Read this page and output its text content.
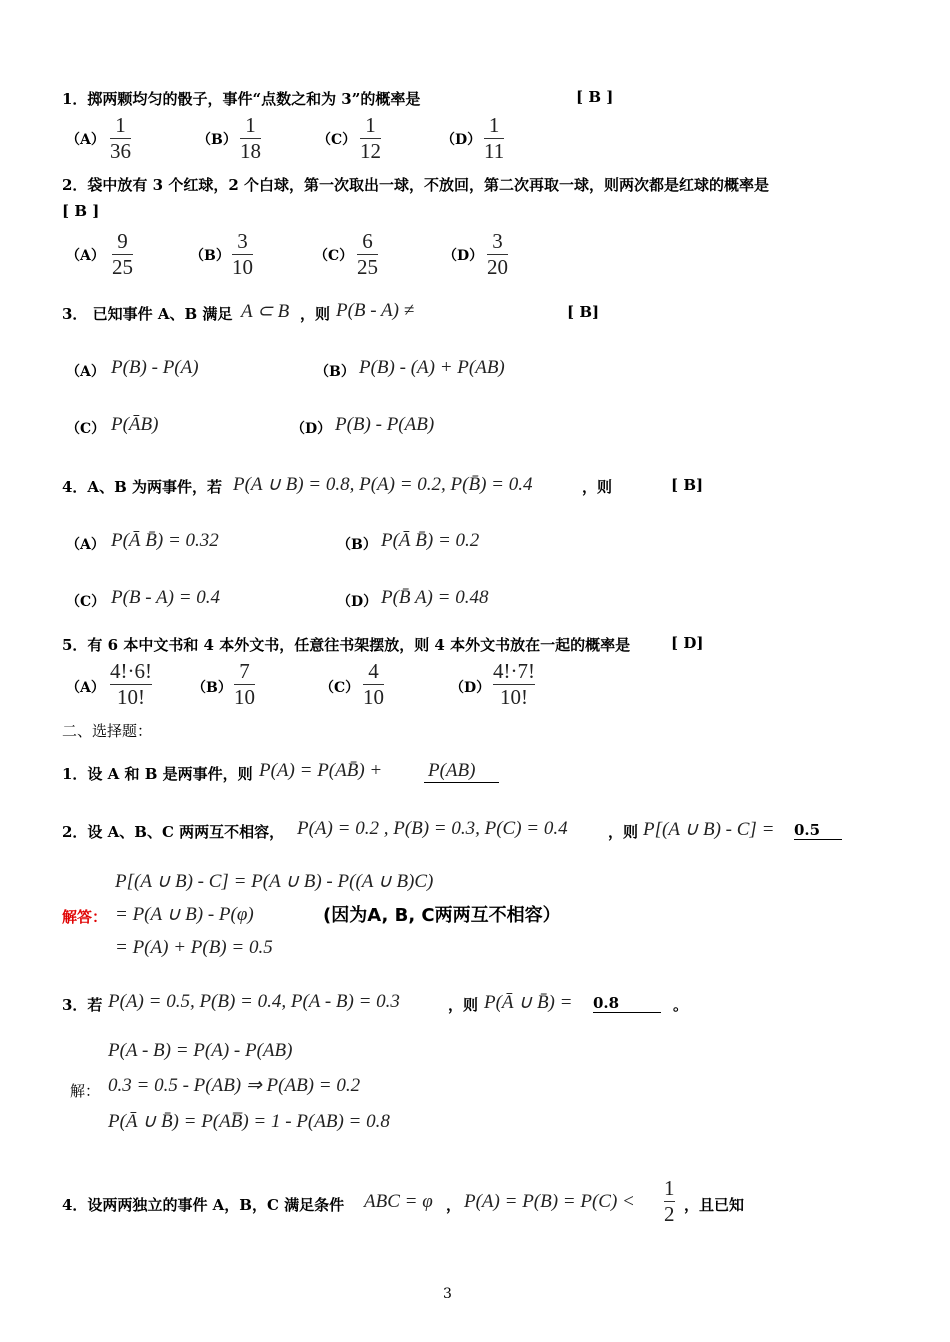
1．掷两颗均匀的骰子，事件“点数之和为 3”的概率是	[ B ]
（A）
1
36	（B）
1
18	（C）
1
12	（D）
1
11
2．袋中放有 3 个红球，2 个白球，第一次取出一球，不放回，第二次再取一球，则两次都是红球的概率是
[ B ]
（A）
9
25	（B）
3
10	（C）
6
25	（D）
3
20
3． 已知事件 A、B 满足 A ⊂ B ，则 P(B - A) ≠	[ B]
（A） P(B) - P(A)	（B） P(B) - (A) + P(AB)
（C） P(ĀB)	（D） P(B) - P(AB)
4．A、B 为两事件，若 P(A ∪ B) = 0.8, P(A) = 0.2, P(B̄) = 0.4	，则	[ B]
（A） P(Ā B̄) = 0.32	（B） P(Ā B̄) = 0.2
（C） P(B - A) = 0.4	（D） P(B̄ A) = 0.48
5．有 6 本中文书和 4 本外文书，任意往书架摆放，则 4 本外文书放在一起的概率是	[ D]
（A）
4!·6!
10!	（B）
7
10	（C）
4
10	（D）
4!·7!
10!
二、选择题：
1．设 A 和 B 是两事件，则 P(A) = P(AB̄) + P(AB)
2．设 A、B、C 两两互不相容， P(A) = 0.2 , P(B) = 0.3, P(C) = 0.4	，则 P[(A ∪ B) - C] = 0.5
P[(A ∪ B) - C] = P(A ∪ B) - P((A ∪ B)C)
解答： = P(A ∪ B) - P(φ)	(因为A, B, C两两互不相容）
= P(A) + P(B) = 0.5
3．若 P(A) = 0.5, P(B) = 0.4, P(A - B) = 0.3	，则 P(Ā ∪ B̄) = 0.8	。
P(A - B) = P(A) - P(AB)
解： 0.3 = 0.5 - P(AB) ⇒ P(AB) = 0.2
P(Ā ∪ B̄) = P(AB̅) = 1 - P(AB) = 0.8
4．设两两独立的事件 A，B，C 满足条件 ABC = φ ， P(A) = P(B) = P(C) <
1
2 ，且已知
3
